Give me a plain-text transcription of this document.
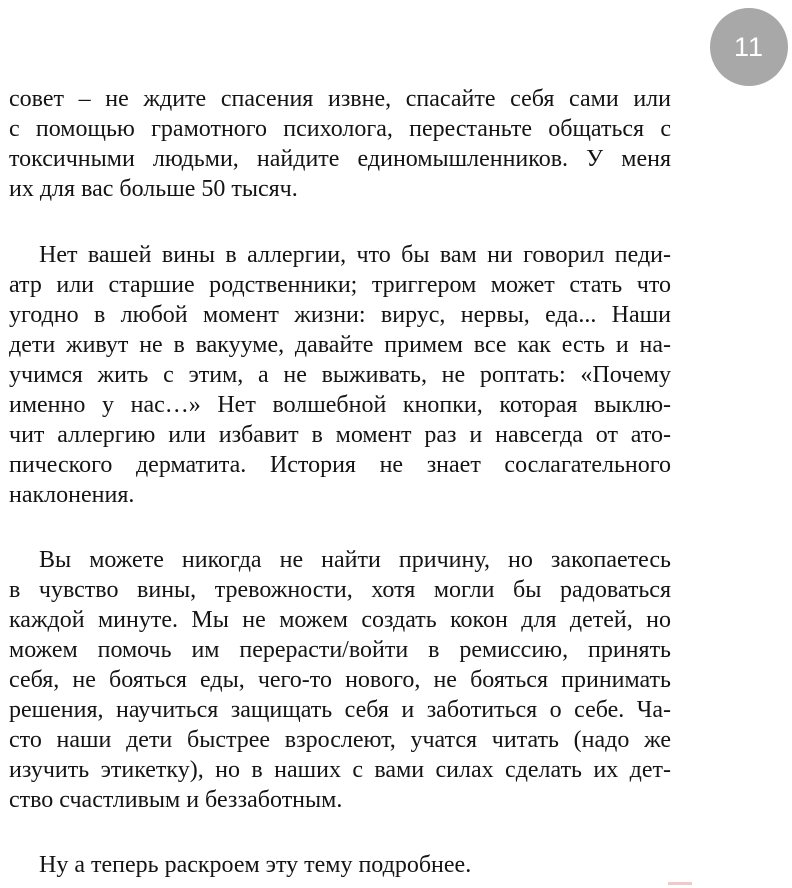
11
совет – не ждите спасения извне, спасайте себя сами или
с помощью грамотного психолога, перестаньте общаться с
токсичными людьми, найдите единомышленников. У меня
их для вас больше 50 тысяч.
Нет вашей вины в аллергии, что бы вам ни говорил педи-
атр или старшие родственники; триггером может стать что
угодно в любой момент жизни: вирус, нервы, еда... Наши
дети живут не в вакууме, давайте примем все как есть и на-
учимся жить с этим, а не выживать, не роптать: «Почему
именно у нас…» Нет волшебной кнопки, которая выклю-
чит аллергию или избавит в момент раз и навсегда от ато-
пического дерматита. История не знает сослагательного
наклонения.
Вы можете никогда не найти причину, но закопаетесь
в чувство вины, тревожности, хотя могли бы радоваться
каждой минуте. Мы не можем создать кокон для детей, но
можем помочь им перерасти/войти в ремиссию, принять
себя, не бояться еды, чего-то нового, не бояться принимать
решения, научиться защищать себя и заботиться о себе. Ча-
сто наши дети быстрее взрослеют, учатся читать (надо же
изучить этикетку), но в наших с вами силах сделать их дет-
ство счастливым и беззаботным.
Ну а теперь раскроем эту тему подробнее.
